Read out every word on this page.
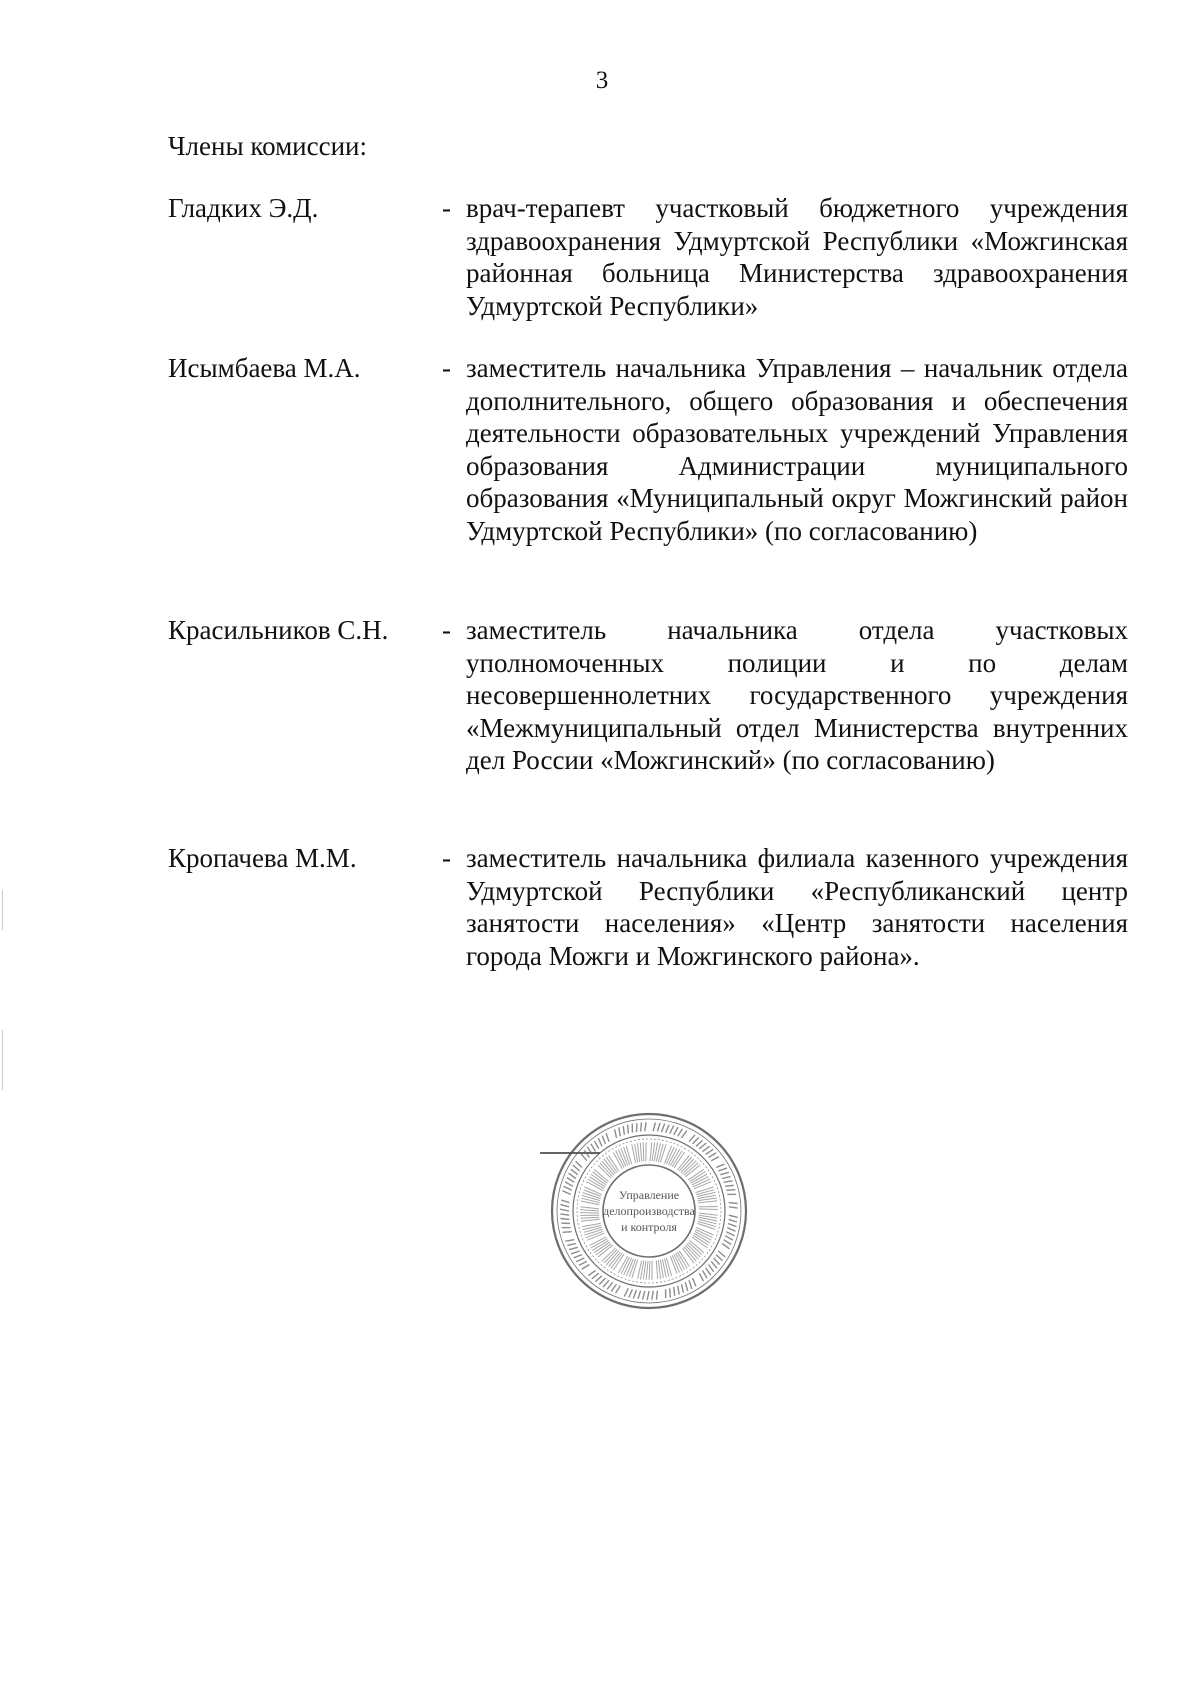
3
Члены комиссии:
Гладких Э.Д.	- врач-терапевт участковый бюджетного учреждения здравоохранения Удмуртской Республики «Можгинская районная больница Министерства здравоохранения Удмуртской Республики»
Исымбаева М.А.	- заместитель начальника Управления – начальник отдела дополнительного, общего образования и обеспечения деятельности образовательных учреждений Управления образования Администрации муниципального образования «Муниципальный округ Можгинский район Удмуртской Республики» (по согласованию)
Красильников С.Н. - заместитель начальника отдела участковых уполномоченных полиции и по делам несовершеннолетних государственного учреждения «Межмуниципальный отдел Министерства внутренних дел России «Можгинский» (по согласованию)
Кропачева М.М.	- заместитель начальника филиала казенного учреждения Удмуртской Республики «Республиканский центр занятости населения» «Центр занятости населения города Можги и Можгинского района».
Управление
делопроизводства
и контроля
